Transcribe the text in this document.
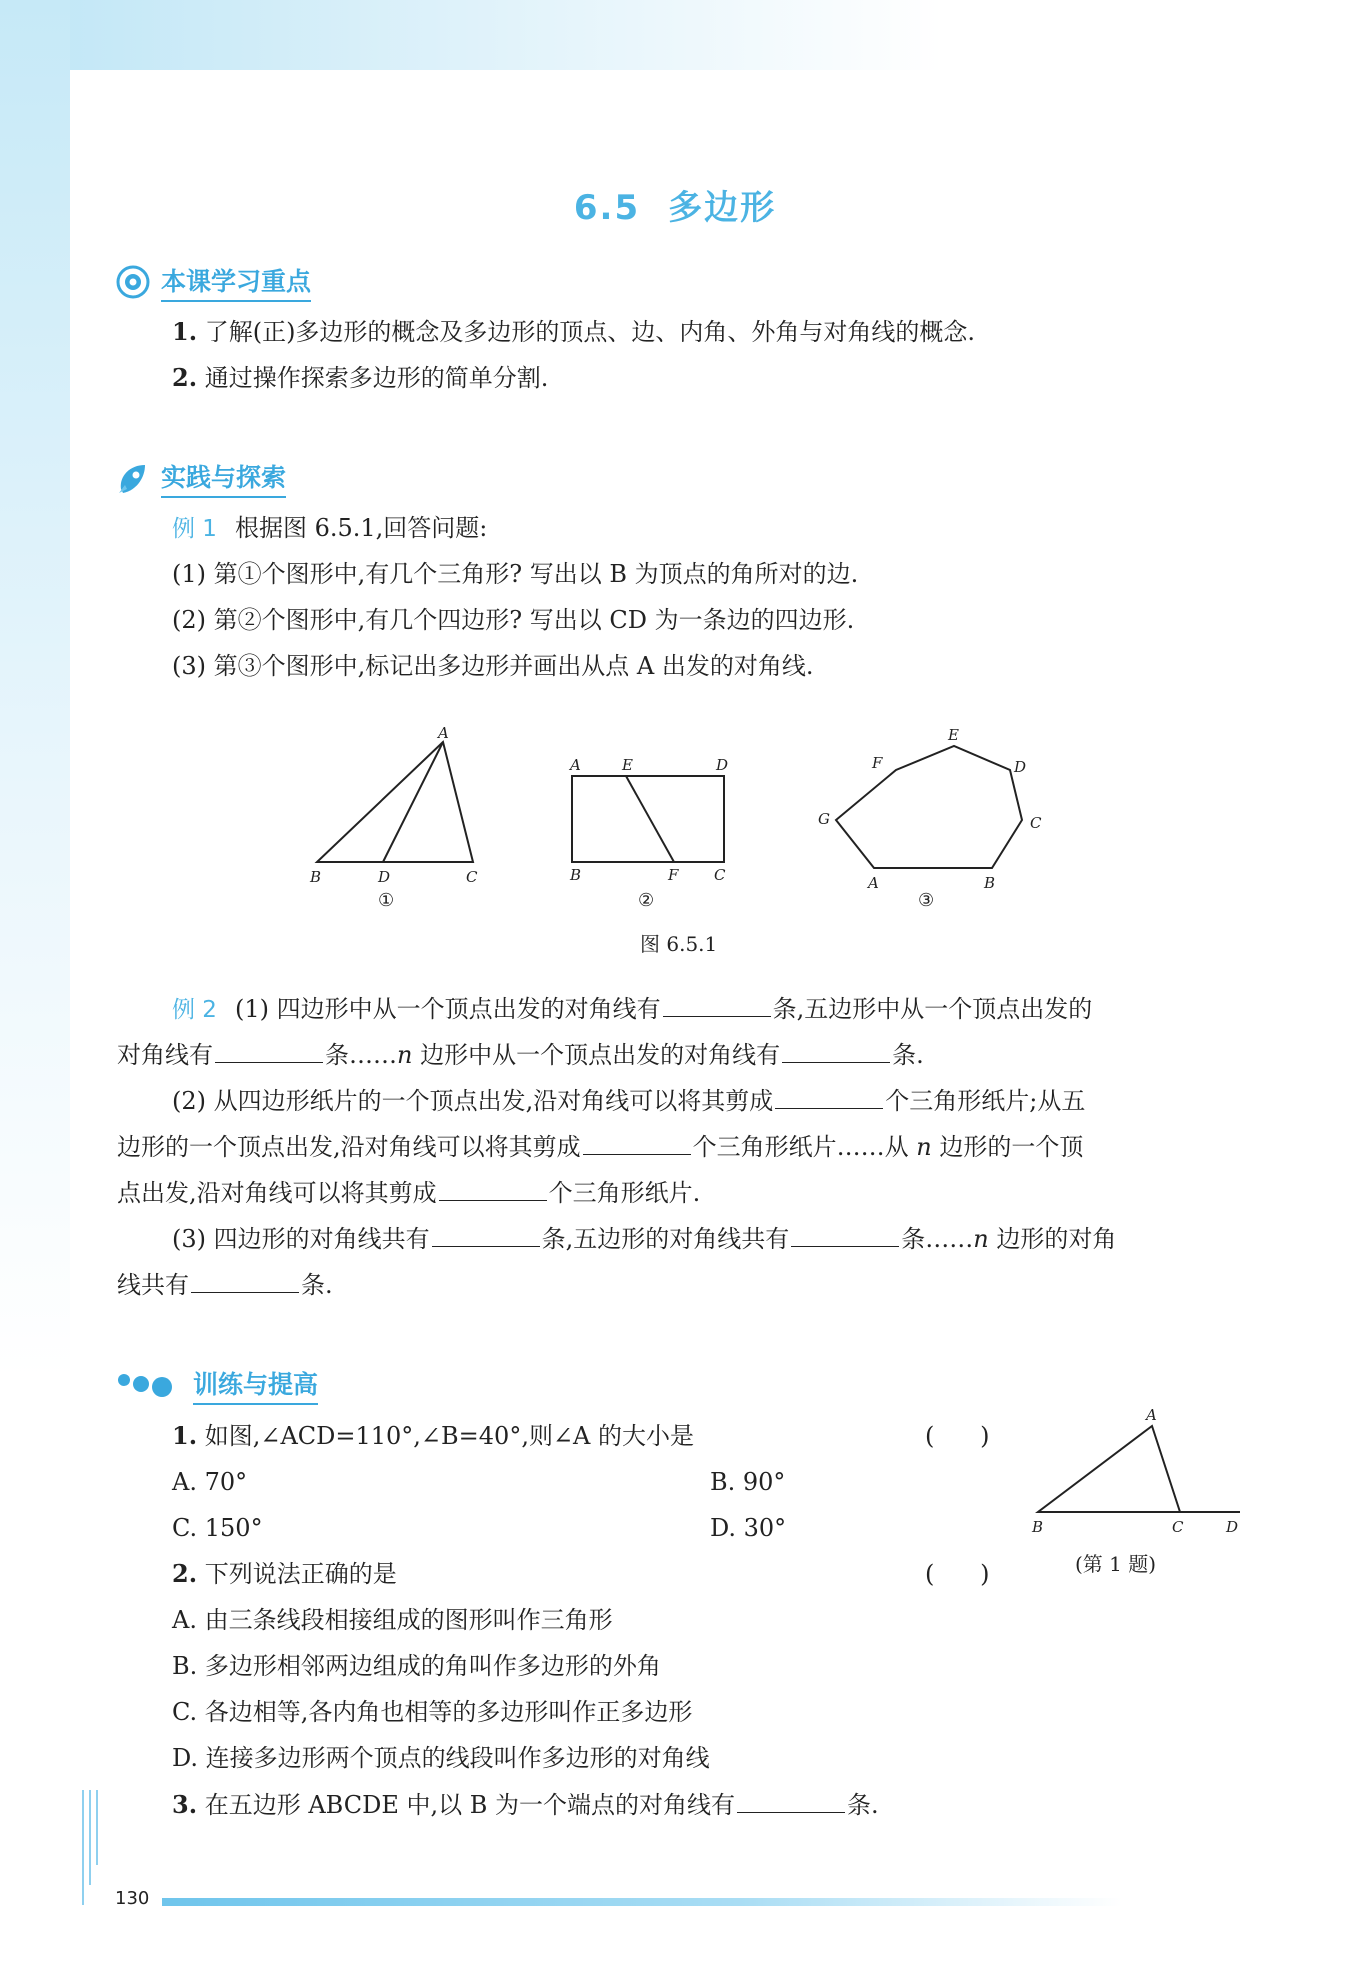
6.5 多边形
本课学习重点
1. 了解(正)多边形的概念及多边形的顶点、边、内角、外角与对角线的概念.
2. 通过操作探索多边形的简单分割.
实践与探索
例 1 根据图 6.5.1,回答问题:
(1) 第①个图形中,有几个三角形? 写出以 B 为顶点的角所对的边.
(2) 第②个图形中,有几个四边形? 写出以 CD 为一条边的四边形.
(3) 第③个图形中,标记出多边形并画出从点 A 出发的对角线.
A
B	D	C
①
A	E	D
B	F C
②
A	B
C
D
E
F
G
③
图 6.5.1
例 2 (1) 四边形中从一个顶点出发的对角线有	条,五边形中从一个顶点出发的
对角线有	条……n 边形中从一个顶点出发的对角线有	条.
(2) 从四边形纸片的一个顶点出发,沿对角线可以将其剪成	个三角形纸片;从五
边形的一个顶点出发,沿对角线可以将其剪成	个三角形纸片……从 n 边形的一个顶
点出发,沿对角线可以将其剪成	个三角形纸片.
(3) 四边形的对角线共有	条,五边形的对角线共有	条……n 边形的对角
线共有	条.
训练与提高
1. 如图,∠ACD=110°,∠B=40°,则∠A 的大小是	(      )
A. 70°	B. 90°
C. 150°	D. 30°
A
B	C	D
(第 1 题)
2. 下列说法正确的是	(      )
A. 由三条线段相接组成的图形叫作三角形
B. 多边形相邻两边组成的角叫作多边形的外角
C. 各边相等,各内角也相等的多边形叫作正多边形
D. 连接多边形两个顶点的线段叫作多边形的对角线
3. 在五边形 ABCDE 中,以 B 为一个端点的对角线有	条.
130
